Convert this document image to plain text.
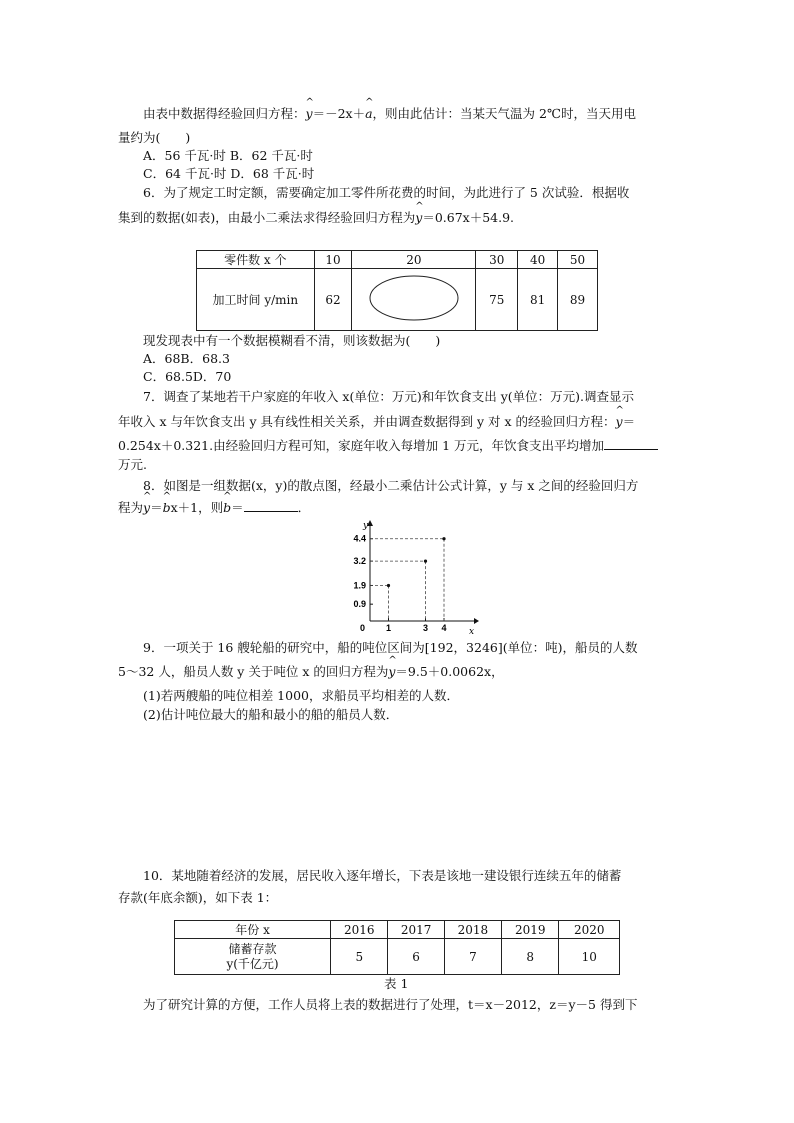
由表中数据得经验回归方程：^ y＝－2x＋^ a，则由此估计：当某天气温为 2℃时，当天用电
量约为(　　)
A．56 千瓦·时 B．62 千瓦·时
C．64 千瓦·时 D．68 千瓦·时
6．为了规定工时定额，需要确定加工零件所花费的时间，为此进行了 5 次试验．根据收
集到的数据(如表)，由最小二乘法求得经验回归方程为^ y＝0.67x＋54.9.
零件数 x 个	10	20	30	40	50
加工时间 y/min	62		75	81	89
现发现表中有一个数据模糊看不清，则该数据为(　　)
A．68B．68.3
C．68.5D．70
7．调查了某地若干户家庭的年收入 x(单位：万元)和年饮食支出 y(单位：万元).调查显示
年收入 x 与年饮食支出 y 具有线性相关关系，并由调查数据得到 y 对 x 的经验回归方程：^ y＝
0.254x＋0.321.由经验回归方程可知，家庭年收入每增加 1 万元，年饮食支出平均增加
万元.
8．如图是一组数据(x，y)的散点图，经最小二乘估计公式计算，y 与 x 之间的经验回归方
程为^ y＝^ bx＋1，则^ b＝	．
x
y
0
0.9
1.9
3.2
4.4
1	3 4
9．一项关于 16 艘轮船的研究中，船的吨位区间为[192，3246](单位：吨)，船员的人数
5～32 人，船员人数 y 关于吨位 x 的回归方程为^ y＝9.5＋0.0062x，
(1)若两艘船的吨位相差 1000，求船员平均相差的人数．
(2)估计吨位最大的船和最小的船的船员人数．
10．某地随着经济的发展，居民收入逐年增长，下表是该地一建设银行连续五年的储蓄
存款(年底余额)，如下表 1：
年份 x	2016	2017	2018	2019	2020

储蓄存款
y(千亿元)	5	6	7	8	10
表 1
为了研究计算的方便，工作人员将上表的数据进行了处理，t＝x－2012，z＝y－5 得到下
